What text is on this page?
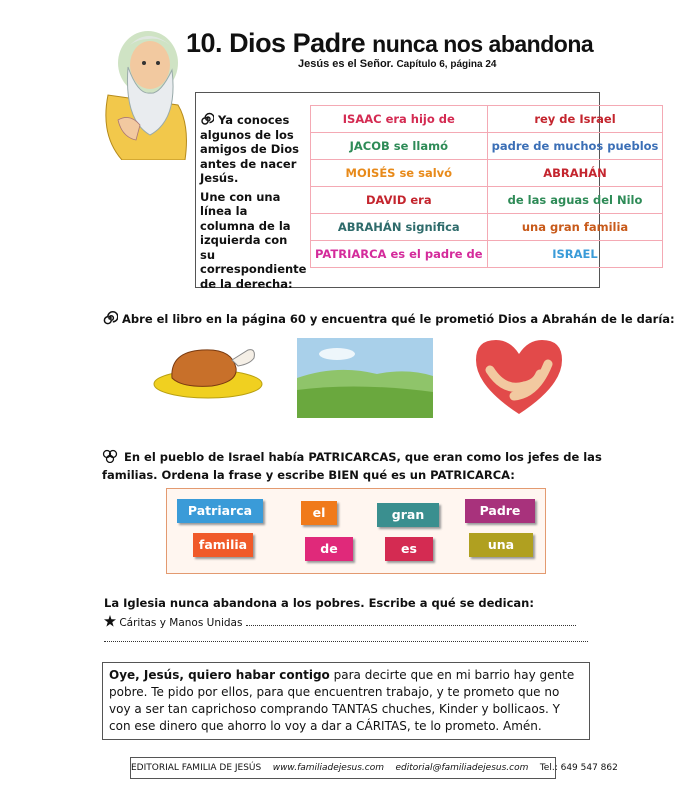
10. Dios Padre nunca nos abandona
Jesús es el Señor. Capítulo 6, página 24

Ya conoces algunos de los amigos de Dios antes de nacer Jesús.

Une con una línea la columna de la izquierda con su correspondiente de la derecha:

ISAAC era hijo de	rey de Israel
JACOB se llamó	padre de muchos pueblos
MOISÉS se salvó	ABRAHÁN
DAVID era	de las aguas del Nilo
ABRAHÁN significa	una gran familia
PATRIARCA es el padre de	ISRAEL
Abre el libro en la página 60 y encuentra qué le prometió Dios a Abrahán de le daría:
En el pueblo de Israel había PATRICARCAS, que eran como los jefes de las familias. Ordena la frase y escribe BIEN qué es un PATRICARCA:
Patriarca	el	gran	Padre
familia	de	es	una
La Iglesia nunca abandona a los pobres. Escribe a qué se dedican:
Cáritas y Manos Unidas
Oye, Jesús, quiero habar contigo para decirte que en mi barrio hay gente pobre. Te pido por ellos, para que encuentren trabajo, y te prometo que no voy a ser tan caprichoso comprando TANTAS chuches, Kinder y bollicaos. Y con ese dinero que ahorro lo voy a dar a CÁRITAS, te lo prometo. Amén.
EDITORIAL FAMILIA DE JESÚS www.familiadejesus.com editorial@familiadejesus.com Tel.: 649 547 862
